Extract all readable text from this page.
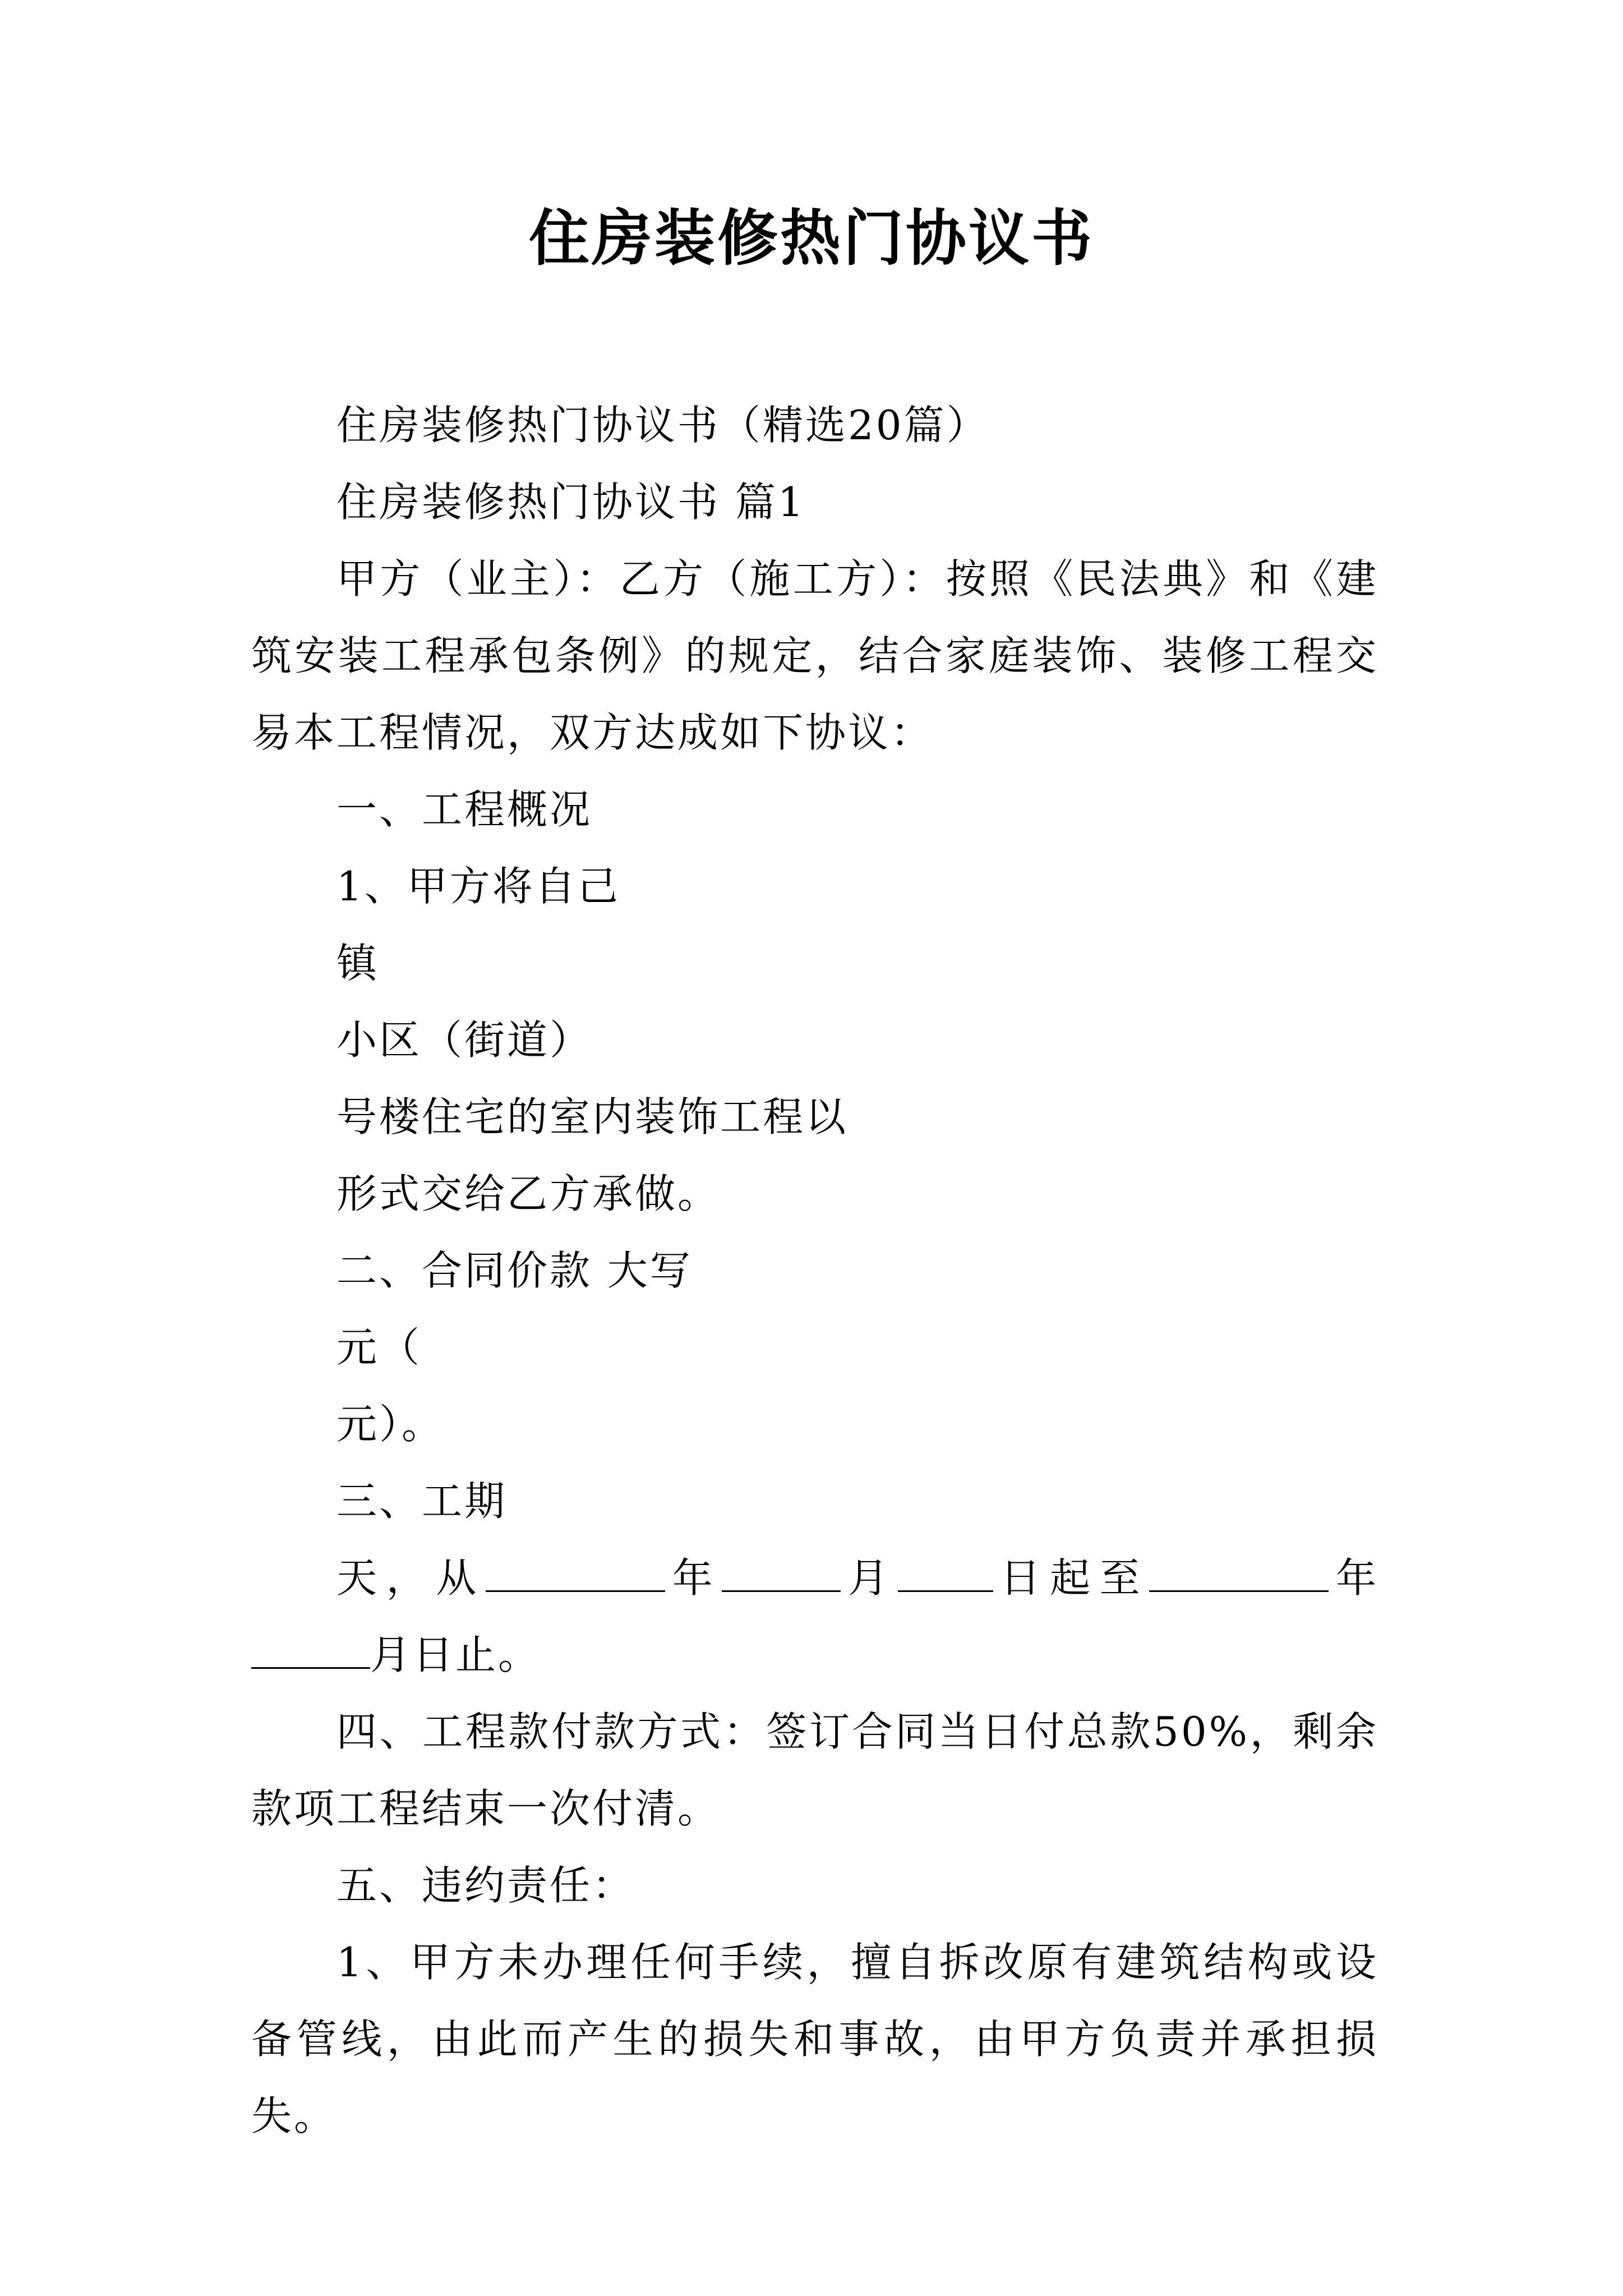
住房装修热门协议书

住房装修热门协议书（精选20篇）

住房装修热门协议书 篇1

甲方（业主）：乙方（施工方）：按照《民法典》和《建筑安装工程承包条例》的规定，结合家庭装饰、装修工程交易本工程情况，双方达成如下协议：

一、工程概况

1、甲方将自己

镇

小区（街道）

号楼住宅的室内装饰工程以

形式交给乙方承做。

二、合同价款 大写

元（

元）。

三、工期

天，从	年	月 日起至	年月日止。

四、工程款付款方式：签订合同当日付总款50%，剩余款项工程结束一次付清。

五、违约责任：

1、甲方未办理任何手续，擅自拆改原有建筑结构或设备管线，由此而产生的损失和事故，由甲方负责并承担损失。
